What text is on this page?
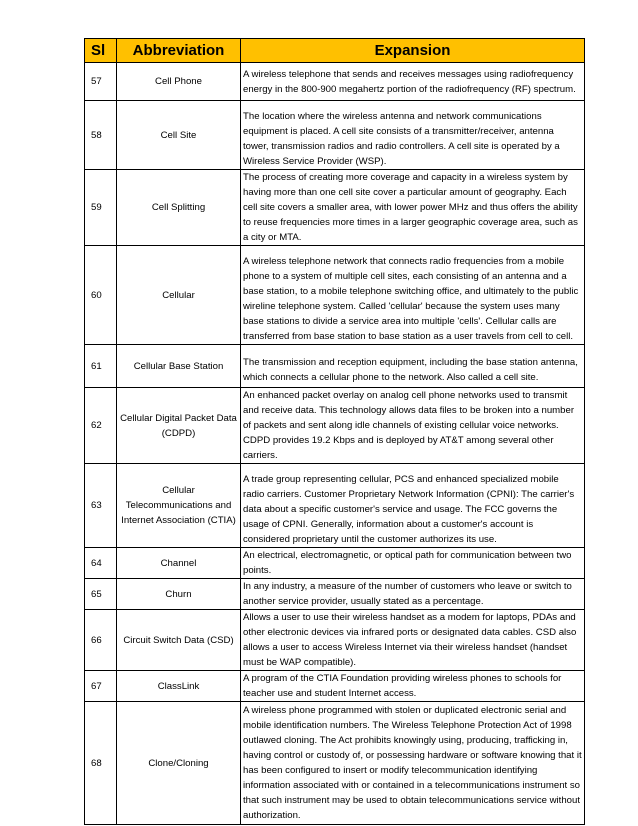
Sl	Abbreviation	Expansion
57	Cell Phone	A wireless telephone that sends and receives messages using radiofrequency energy in the 800-900 megahertz portion of the radiofrequency (RF) spectrum.
58	Cell Site	The location where the wireless antenna and network communications equipment is placed. A cell site consists of a transmitter/receiver, antenna tower, transmission radios and radio controllers. A cell site is operated by a Wireless Service Provider (WSP).
59	Cell Splitting	The process of creating more coverage and capacity in a wireless system by having more than one cell site cover a particular amount of geography. Each cell site covers a smaller area, with lower power MHz and thus offers the ability to reuse frequencies more times in a larger geographic coverage area, such as a city or MTA.
60	Cellular	A wireless telephone network that connects radio frequencies from a mobile phone to a system of multiple cell sites, each consisting of an antenna and a base station, to a mobile telephone switching office, and ultimately to the public wireline telephone system. Called 'cellular' because the system uses many base stations to divide a service area into multiple 'cells'. Cellular calls are transferred from base station to base station as a user travels from cell to cell.
61	Cellular Base Station	The transmission and reception equipment, including the base station antenna, which connects a cellular phone to the network. Also called a cell site.
62	Cellular Digital Packet Data (CDPD)	An enhanced packet overlay on analog cell phone networks used to transmit and receive data. This technology allows data files to be broken into a number of packets and sent along idle channels of existing cellular voice networks. CDPD provides 19.2 Kbps and is deployed by AT&T among several other carriers.
63	Cellular Telecommunications and Internet Association (CTIA)	A trade group representing cellular, PCS and enhanced specialized mobile radio carriers. Customer Proprietary Network Information (CPNI): The carrier's data about a specific customer's service and usage. The FCC governs the usage of CPNI. Generally, information about a customer's account is considered proprietary until the customer authorizes its use.
64	Channel	An electrical, electromagnetic, or optical path for communication between two points.
65	Churn	In any industry, a measure of the number of customers who leave or switch to another service provider, usually stated as a percentage.
66	Circuit Switch Data (CSD)	Allows a user to use their wireless handset as a modem for laptops, PDAs and other electronic devices via infrared ports or designated data cables. CSD also allows a user to access Wireless Internet via their wireless handset (handset must be WAP compatible).
67	ClassLink	A program of the CTIA Foundation providing wireless phones to schools for teacher use and student Internet access.
68	Clone/Cloning	A wireless phone programmed with stolen or duplicated electronic serial and mobile identification numbers. The Wireless Telephone Protection Act of 1998 outlawed cloning. The Act prohibits knowingly using, producing, trafficking in, having control or custody of, or possessing hardware or software knowing that it has been configured to insert or modify telecommunication identifying information associated with or contained in a telecommunications instrument so that such instrument may be used to obtain telecommunications service without authorization.
